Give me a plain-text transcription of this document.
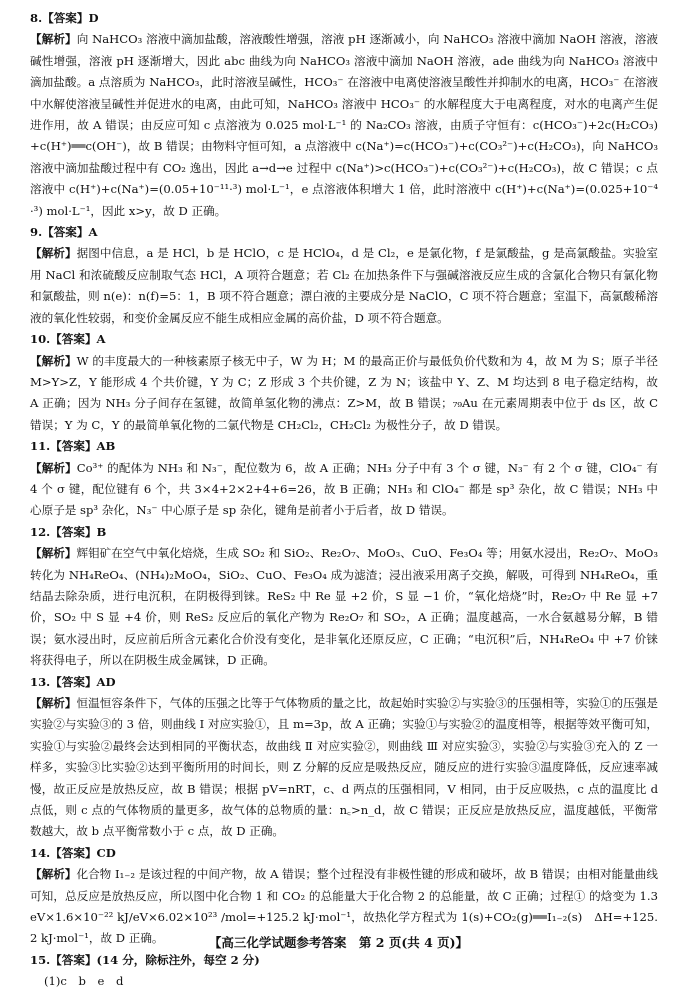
8.【答案】D
【解析】向 NaHCO₃ 溶液中滴加盐酸，溶液酸性增强，溶液 pH 逐渐减小，向 NaHCO₃ 溶液中滴加 NaOH 溶液，溶液碱性增强，溶液 pH 逐渐增大，因此 abc 曲线为向 NaHCO₃ 溶液中滴加 NaOH 溶液，ade 曲线为向 NaHCO₃ 溶液中滴加盐酸。a 点溶质为 NaHCO₃，此时溶液呈碱性，HCO₃⁻ 在溶液中电离使溶液呈酸性并抑制水的电离，HCO₃⁻ 在溶液中水解使溶液呈碱性并促进水的电离，由此可知，NaHCO₃ 溶液中 HCO₃⁻ 的水解程度大于电离程度，对水的电离产生促进作用，故 A 错误；由反应可知 c 点溶液为 0.025 mol·L⁻¹ 的 Na₂CO₃ 溶液，由质子守恒有：c(HCO₃⁻)+2c(H₂CO₃)+c(H⁺)══c(OH⁻)，故 B 错误；由物料守恒可知，a 点溶液中 c(Na⁺)=c(HCO₃⁻)+c(CO₃²⁻)+c(H₂CO₃)，向 NaHCO₃ 溶液中滴加盐酸过程中有 CO₂ 逸出，因此 a→d→e 过程中 c(Na⁺)>c(HCO₃⁻)+c(CO₃²⁻)+c(H₂CO₃)，故 C 错误；c 点溶液中 c(H⁺)+c(Na⁺)=(0.05+10⁻¹¹·³) mol·L⁻¹，e 点溶液体积增大 1 倍，此时溶液中 c(H⁺)+c(Na⁺)=(0.025+10⁻⁴·³) mol·L⁻¹，因此 x>y，故 D 正确。
9.【答案】A
【解析】据图中信息，a 是 HCl，b 是 HClO，c 是 HClO₄，d 是 Cl₂，e 是氯化物，f 是氯酸盐，g 是高氯酸盐。实验室用 NaCl 和浓硫酸反应制取气态 HCl，A 项符合题意；若 Cl₂ 在加热条件下与强碱溶液反应生成的含氯化合物只有氯化物和氯酸盐，则 n(e)：n(f)=5：1，B 项不符合题意；漂白液的主要成分是 NaClO，C 项不符合题意；室温下，高氯酸稀溶液的氧化性较弱，和变价金属反应不能生成相应金属的高价盐，D 项不符合题意。
10.【答案】A
【解析】W 的丰度最大的一种核素原子核无中子，W 为 H；M 的最高正价与最低负价代数和为 4，故 M 为 S；原子半径 M>Y>Z，Y 能形成 4 个共价键，Y 为 C；Z 形成 3 个共价键，Z 为 N；该盐中 Y、Z、M 均达到 8 电子稳定结构，故 A 正确；因为 NH₃ 分子间存在氢键，故简单氢化物的沸点：Z>M，故 B 错误；₇₉Au 在元素周期表中位于 ds 区，故 C 错误；Y 为 C，Y 的最简单氧化物的二氯代物是 CH₂Cl₂，CH₂Cl₂ 为极性分子，故 D 错误。
11.【答案】AB
【解析】Co³⁺ 的配体为 NH₃ 和 N₃⁻，配位数为 6，故 A 正确；NH₃ 分子中有 3 个 σ 键，N₃⁻ 有 2 个 σ 键，ClO₄⁻ 有 4 个 σ 键，配位键有 6 个，共 3×4+2×2+4+6=26，故 B 正确；NH₃ 和 ClO₄⁻ 都是 sp³ 杂化，故 C 错误；NH₃ 中心原子是 sp³ 杂化，N₃⁻ 中心原子是 sp 杂化，键角是前者小于后者，故 D 错误。
12.【答案】B
【解析】辉钼矿在空气中氧化焙烧，生成 SO₂ 和 SiO₂、Re₂O₇、MoO₃、CuO、Fe₃O₄ 等；用氨水浸出，Re₂O₇、MoO₃ 转化为 NH₄ReO₄、(NH₄)₂MoO₄，SiO₂、CuO、Fe₃O₄ 成为滤渣；浸出液采用离子交换，解吸，可得到 NH₄ReO₄，重结晶去除杂质，进行电沉积，在阴极得到铼。ReS₂ 中 Re 显 +2 价，S 显 −1 价，“氧化焙烧”时，Re₂O₇ 中 Re 显 +7 价，SO₂ 中 S 显 +4 价，则 ReS₂ 反应后的氧化产物为 Re₂O₇ 和 SO₂，A 正确；温度越高，一水合氨越易分解，B 错误；氨水浸出时，反应前后所含元素化合价没有变化，是非氧化还原反应，C 正确；“电沉积”后，NH₄ReO₄ 中 +7 价铼将获得电子，所以在阴极生成金属铼，D 正确。
13.【答案】AD
【解析】恒温恒容条件下，气体的压强之比等于气体物质的量之比，故起始时实验②与实验③的压强相等，实验①的压强是实验②与实验③的 3 倍，则曲线 Ⅰ 对应实验①，且 m=3p，故 A 正确；实验①与实验②的温度相等，根据等效平衡可知，实验①与实验②最终会达到相同的平衡状态，故曲线 Ⅱ 对应实验②，则曲线 Ⅲ 对应实验③，实验②与实验③充入的 Z 一样多，实验③比实验②达到平衡所用的时间长，则 Z 分解的反应是吸热反应，随反应的进行实验③温度降低，反应速率减慢，故正反应是放热反应，故 B 错误；根据 pV=nRT，c、d 两点的压强相同，V 相同，由于反应吸热，c 点的温度比 d 点低，则 c 点的气体物质的量更多，故气体的总物质的量：n꜀>n_d，故 C 错误；正反应是放热反应，温度越低，平衡常数越大，故 b 点平衡常数小于 c 点，故 D 正确。
14.【答案】CD
【解析】化合物 Ⅰ₁₋₂ 是该过程的中间产物，故 A 错误；整个过程没有非极性键的形成和破坏，故 B 错误；由相对能量曲线可知，总反应是放热反应，所以图中化合物 1 和 CO₂ 的总能量大于化合物 2 的总能量，故 C 正确；过程① 的焓变为 1.3 eV×1.6×10⁻²² kJ/eV×6.02×10²³ /mol=+125.2 kJ·mol⁻¹，故热化学方程式为 1(s)+CO₂(g)══Ⅰ₁₋₂(s)　ΔH=+125.2 kJ·mol⁻¹，故 D 正确。
15.【答案】(14 分，除标注外，每空 2 分)
(1)c　b　e　d
【高三化学试题参考答案　第 2 页(共 4 页)】
